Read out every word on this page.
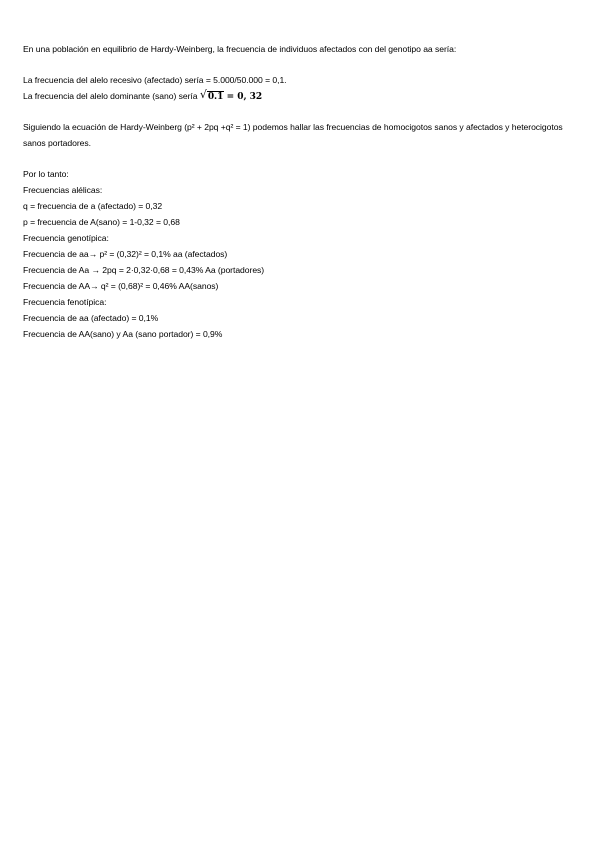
En una población en equilibrio de Hardy-Weinberg, la frecuencia de individuos afectados con del genotipo aa sería:
La frecuencia del alelo recesivo (afectado) sería = 5.000/50.000 = 0,1.
La frecuencia del alelo dominante (sano) sería √ 0.1 = 0, 32
Siguiendo la ecuación de Hardy-Weinberg (p² + 2pq +q² = 1) podemos hallar las frecuencias de homocigotos sanos y afectados y heterocigotos sanos portadores.
Por lo tanto:
Frecuencias alélicas:
q = frecuencia de a (afectado) = 0,32
p = frecuencia de A(sano) = 1-0,32 = 0,68
Frecuencia genotípica:
Frecuencia de aa→ p² = (0,32)² = 0,1% aa (afectados)
Frecuencia de Aa → 2pq = 2·0,32·0,68 = 0,43% Aa (portadores)
Frecuencia de AA→ q² = (0,68)² = 0,46% AA(sanos)
Frecuencia fenotípica:
Frecuencia de aa (afectado) = 0,1%
Frecuencia de AA(sano) y Aa (sano portador) = 0,9%
